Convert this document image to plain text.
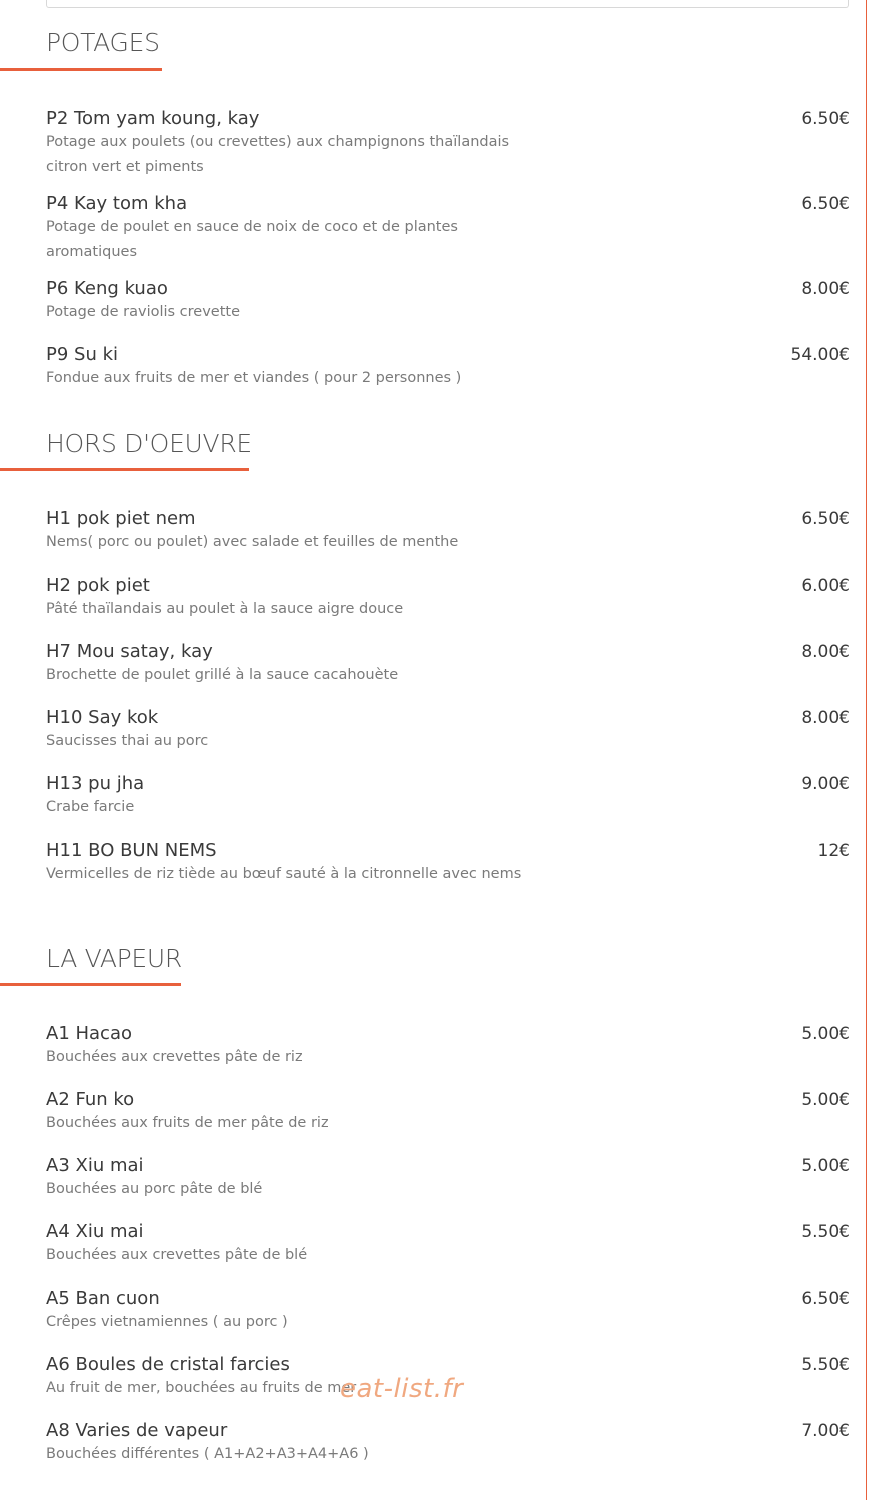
POTAGES
P2 Tom yam koung, kay
Potage aux poulets (ou crevettes) aux champignons thaïlandais citron vert et piments
6.50€
P4 Kay tom kha
Potage de poulet en sauce de noix de coco et de plantes aromatiques
6.50€
P6 Keng kuao
Potage de raviolis crevette
8.00€
P9 Su ki
Fondue aux fruits de mer et viandes ( pour 2 personnes )
54.00€
HORS D'OEUVRE
H1 pok piet nem
Nems( porc ou poulet) avec salade et feuilles de menthe
6.50€
H2 pok piet
Pâté thaïlandais au poulet à la sauce aigre douce
6.00€
H7 Mou satay, kay
Brochette de poulet grillé à la sauce cacahouète
8.00€
H10 Say kok
Saucisses thai au porc
8.00€
H13 pu jha
Crabe farcie
9.00€
H11 BO BUN NEMS
Vermicelles de riz tiède au bœuf sauté à la citronnelle avec nems
12€
LA VAPEUR
A1 Hacao
Bouchées aux crevettes pâte de riz
5.00€
A2 Fun ko
Bouchées aux fruits de mer pâte de riz
5.00€
A3 Xiu mai
Bouchées au porc pâte de blé
5.00€
A4 Xiu mai
Bouchées aux crevettes pâte de blé
5.50€
A5 Ban cuon
Crêpes vietnamiennes ( au porc )
6.50€
A6 Boules de cristal farcies
Au fruit de mer, bouchées au fruits de mer
5.50€
A8 Varies de vapeur
Bouchées différentes ( A1+A2+A3+A4+A6 )
7.00€
eat-list.fr
